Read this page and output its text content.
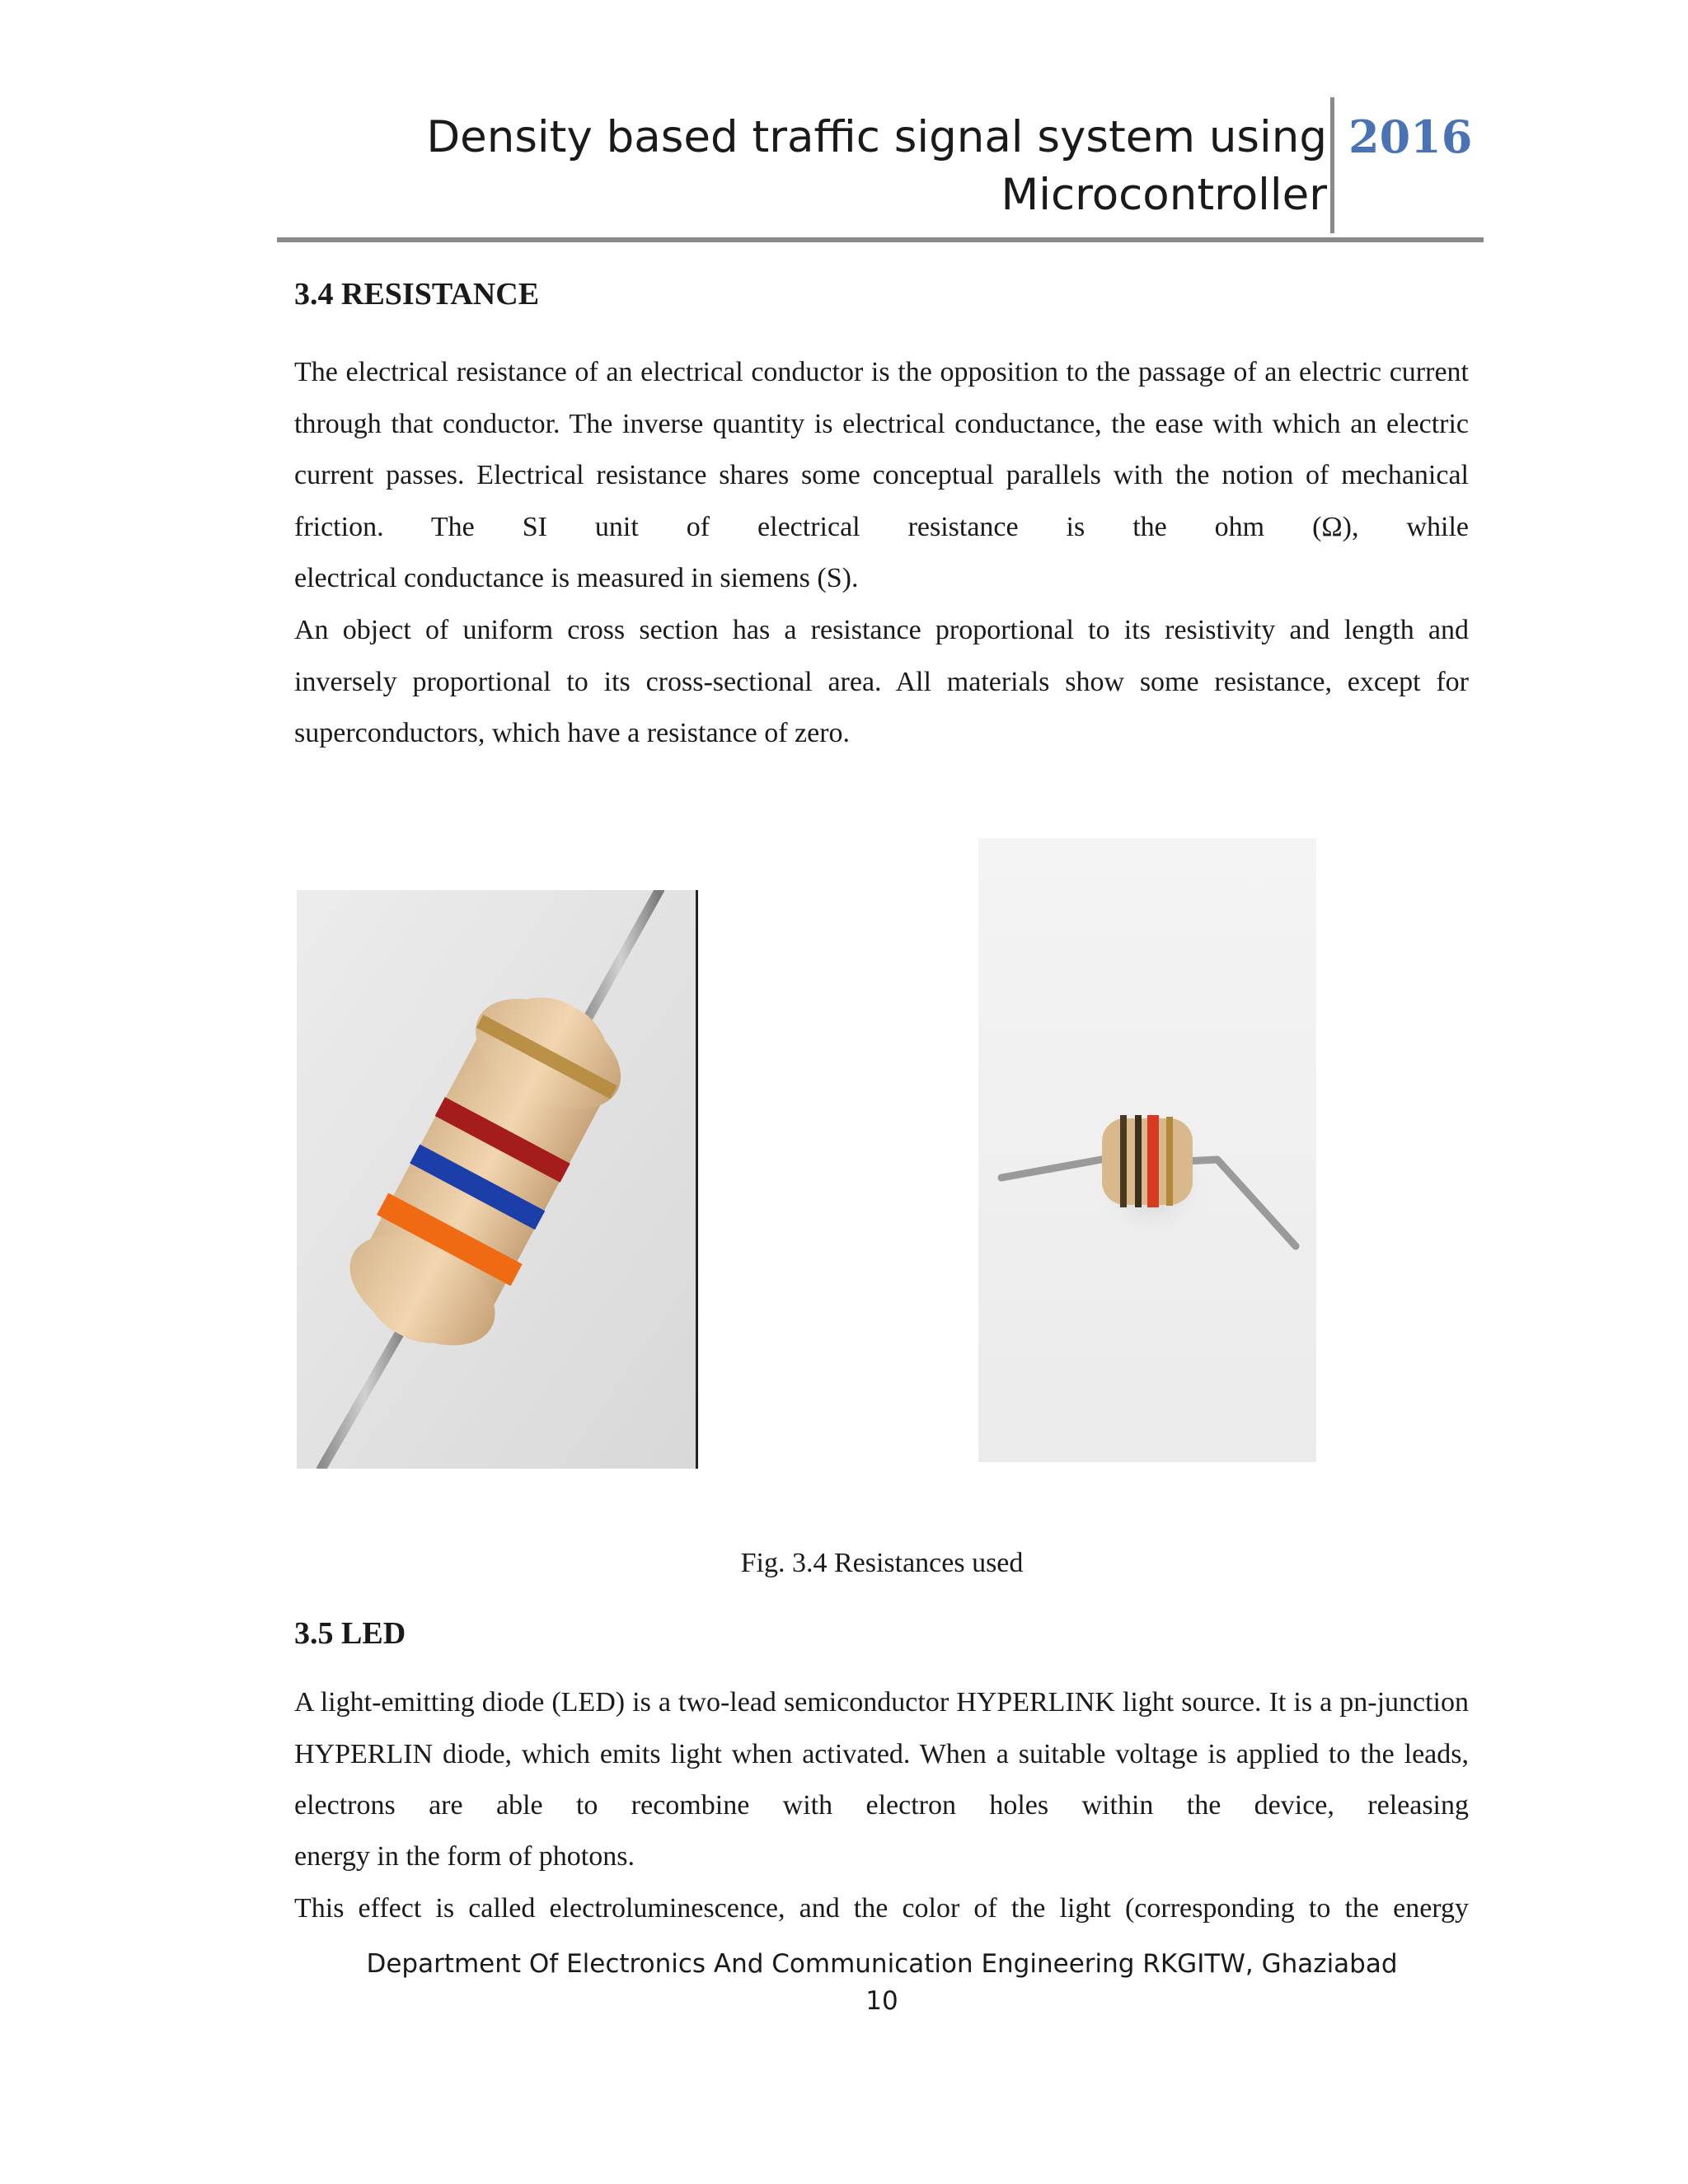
Density based traffic signal system using
Microcontroller
2016
3.4 RESISTANCE

The electrical resistance of an electrical conductor is the opposition to the passage of an electric current through that conductor. The inverse quantity is electrical conductance, the ease with which an electric current passes. Electrical resistance shares some conceptual parallels with the notion of mechanical friction. The SI unit of electrical resistance is the ohm (Ω), while

electrical conductance is measured in siemens (S).

An object of uniform cross section has a resistance proportional to its resistivity and length and inversely proportional to its cross-sectional area. All materials show some resistance, except for

superconductors, which have a resistance of zero.

Fig. 3.4 Resistances used
3.5 LED

A light-emitting diode (LED) is a two-lead semiconductor HYPERLINK light source. It is a pn-junction HYPERLIN diode, which emits light when activated. When a suitable voltage is applied to the leads, electrons are able to recombine with electron holes within the device, releasing

energy in the form of photons.

This effect is called electroluminescence, and the color of the light (corresponding to the energy

Department Of Electronics And Communication Engineering RKGITW, Ghaziabad
10
